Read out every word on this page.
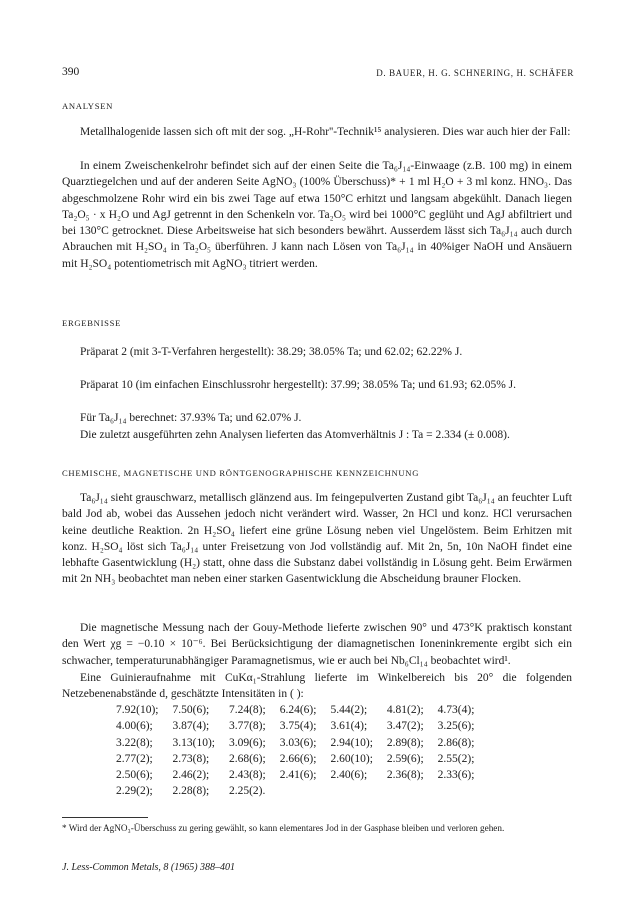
390	D. BAUER, H. G. SCHNERING, H. SCHÄFER
ANALYSEN

Metallhalogenide lassen sich oft mit der sog. „H-Rohr''-Technik¹⁵ analysieren. Dies war auch hier der Fall:

In einem Zweischenkelrohr befindet sich auf der einen Seite die Ta₆J₁₄-Einwaage (z.B. 100 mg) in einem Quarztiegelchen und auf der anderen Seite AgNO₃ (100% Überschuss)* + 1 ml H₂O + 3 ml konz. HNO₃. Das abgeschmolzene Rohr wird ein bis zwei Tage auf etwa 150°C erhitzt und langsam abgekühlt. Danach liegen Ta₂O₅ · x H₂O und AgJ getrennt in den Schenkeln vor. Ta₂O₅ wird bei 1000°C geglüht und AgJ abfiltriert und bei 130°C getrocknet. Diese Arbeitsweise hat sich besonders bewährt. Ausserdem lässt sich Ta₆J₁₄ auch durch Abrauchen mit H₂SO₄ in Ta₂O₅ überführen. J kann nach Lösen von Ta₆J₁₄ in 40%iger NaOH und Ansäuern mit H₂SO₄ potentiometrisch mit AgNO₃ titriert werden.

ERGEBNISSE

Präparat 2 (mit 3-T-Verfahren hergestellt): 38.29; 38.05% Ta; und 62.02; 62.22% J.

Präparat 10 (im einfachen Einschlussrohr hergestellt): 37.99; 38.05% Ta; und 61.93; 62.05% J.

Für Ta₆J₁₄ berechnet: 37.93% Ta; und 62.07% J.

Die zuletzt ausgeführten zehn Analysen lieferten das Atomverhältnis J : Ta = 2.334 (± 0.008).

CHEMISCHE, MAGNETISCHE UND RÖNTGENOGRAPHISCHE KENNZEICHNUNG

Ta₆J₁₄ sieht grauschwarz, metallisch glänzend aus. Im feingepulverten Zustand gibt Ta₆J₁₄ an feuchter Luft bald Jod ab, wobei das Aussehen jedoch nicht verändert wird. Wasser, 2n HCl und konz. HCl verursachen keine deutliche Reaktion. 2n H₂SO₄ liefert eine grüne Lösung neben viel Ungelöstem. Beim Erhitzen mit konz. H₂SO₄ löst sich Ta₆J₁₄ unter Freisetzung von Jod vollständig auf. Mit 2n, 5n, 10n NaOH findet eine lebhafte Gasentwicklung (H₂) statt, ohne dass die Substanz dabei vollständig in Lösung geht. Beim Erwärmen mit 2n NH₃ beobachtet man neben einer starken Gasentwicklung die Abscheidung brauner Flocken.

Die magnetische Messung nach der Gouy-Methode lieferte zwischen 90° und 473°K praktisch konstant den Wert χg = −0.10 × 10⁻⁶. Bei Berücksichtigung der diamagnetischen Ioneninkremente ergibt sich ein schwacher, temperaturunabhängiger Paramagnetismus, wie er auch bei Nb₆Cl₁₄ beobachtet wird¹.

Eine Guinieraufnahme mit CuKα₁-Strahlung lieferte im Winkelbereich bis 20° die folgenden Netzebenenabstände d, geschätzte Intensitäten in ( ):

7.92(10);	7.50(6);	7.24(8);	6.24(6);	5.44(2);	4.81(2);	4.73(4);
4.00(6);	3.87(4);	3.77(8);	3.75(4);	3.61(4);	3.47(2);	3.25(6);
3.22(8);	3.13(10);	3.09(6);	3.03(6);	2.94(10);	2.89(8);	2.86(8);
2.77(2);	2.73(8);	2.68(6);	2.66(6);	2.60(10);	2.59(6);	2.55(2);
2.50(6);	2.46(2);	2.43(8);	2.41(6);	2.40(6);	2.36(8);	2.33(6);
2.29(2);	2.28(8);	2.25(2).				

* Wird der AgNO₃-Überschuss zu gering gewählt, so kann elementares Jod in der Gasphase bleiben und verloren gehen.

J. Less-Common Metals, 8 (1965) 388–401
